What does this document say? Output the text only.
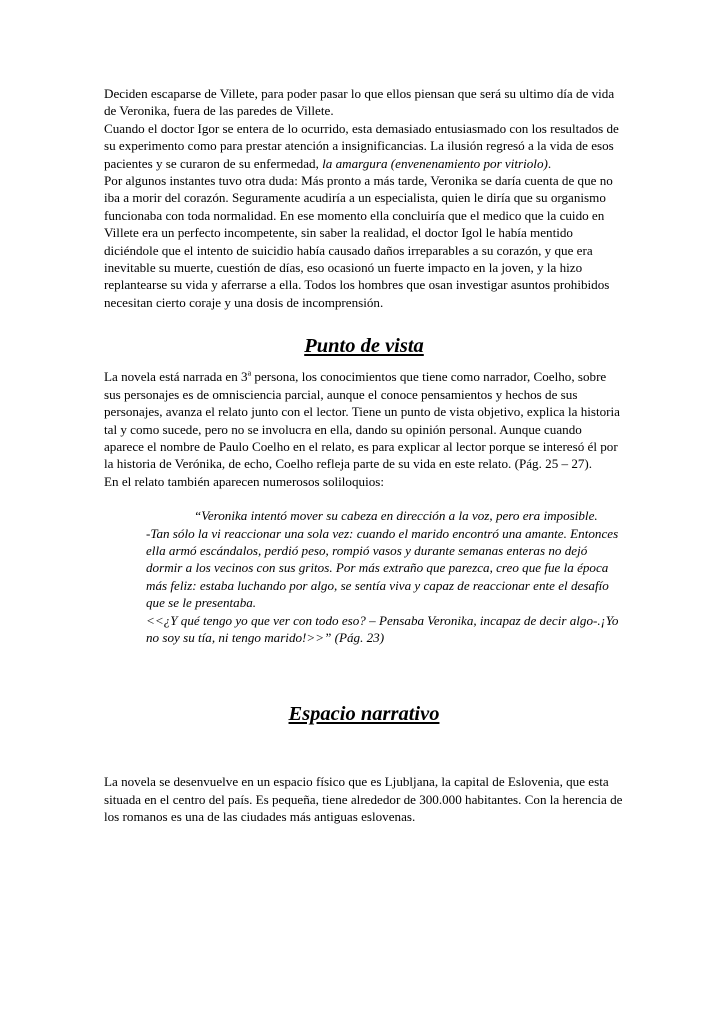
Deciden escaparse de Villete, para poder pasar lo que ellos piensan que será su ultimo día de vida de Veronika, fuera de las paredes de Villete.

Cuando el doctor Igor se entera de lo ocurrido, esta demasiado entusiasmado con los resultados de su experimento como para prestar atención a insignificancias. La ilusión regresó a la vida de esos pacientes y se curaron de su enfermedad, la amargura (envenenamiento por vitriolo).

Por algunos instantes tuvo otra duda: Más pronto a más tarde, Veronika se daría cuenta de que no iba a morir del corazón. Seguramente acudiría a un especialista, quien le diría que su organismo funcionaba con toda normalidad. En ese momento ella concluiría que el medico que la cuido en Villete era un perfecto incompetente, sin saber la realidad, el doctor Igol le había mentido diciéndole que el intento de suicidio había causado daños irreparables a su corazón, y que era inevitable su muerte, cuestión de días, eso ocasionó un fuerte impacto en la joven, y la hizo replantearse su vida y aferrarse a ella. Todos los hombres que osan investigar asuntos prohibidos necesitan cierto coraje y una dosis de incomprensión.

Punto de vista

La novela está narrada en 3$^a$ persona, los conocimientos que tiene como narrador, Coelho, sobre sus personajes es de omnisciencia parcial, aunque el conoce pensamientos y hechos de sus personajes, avanza el relato junto con el lector. Tiene un punto de vista objetivo, explica la historia tal y como sucede, pero no se involucra en ella, dando su opinión personal. Aunque cuando aparece el nombre de Paulo Coelho en el relato, es para explicar al lector porque se interesó él por la historia de Verónika, de echo, Coelho refleja parte de su vida en este relato. (Pág. 25 – 27).

En el relato también aparecen numerosos soliloquios:

“Veronika intentó mover su cabeza en dirección a la voz, pero era imposible.

-Tan sólo la vi reaccionar una sola vez: cuando el marido encontró una amante. Entonces ella armó escándalos, perdió peso, rompió vasos y durante semanas enteras no dejó dormir a los vecinos con sus gritos. Por más extraño que parezca, creo que fue la época más feliz: estaba luchando por algo, se sentía viva y capaz de reaccionar ente el desafío que se le presentaba.

<<¿Y qué tengo yo que ver con todo eso? – Pensaba Veronika, incapaz de decir algo-.¡Yo no soy su tía, ni tengo marido!>>” (Pág. 23)

Espacio narrativo

La novela se desenvuelve en un espacio físico que es Ljubljana, la capital de Eslovenia, que esta situada en el centro del país. Es pequeña, tiene alrededor de 300.000 habitantes. Con la herencia de los romanos es una de las ciudades más antiguas eslovenas.
